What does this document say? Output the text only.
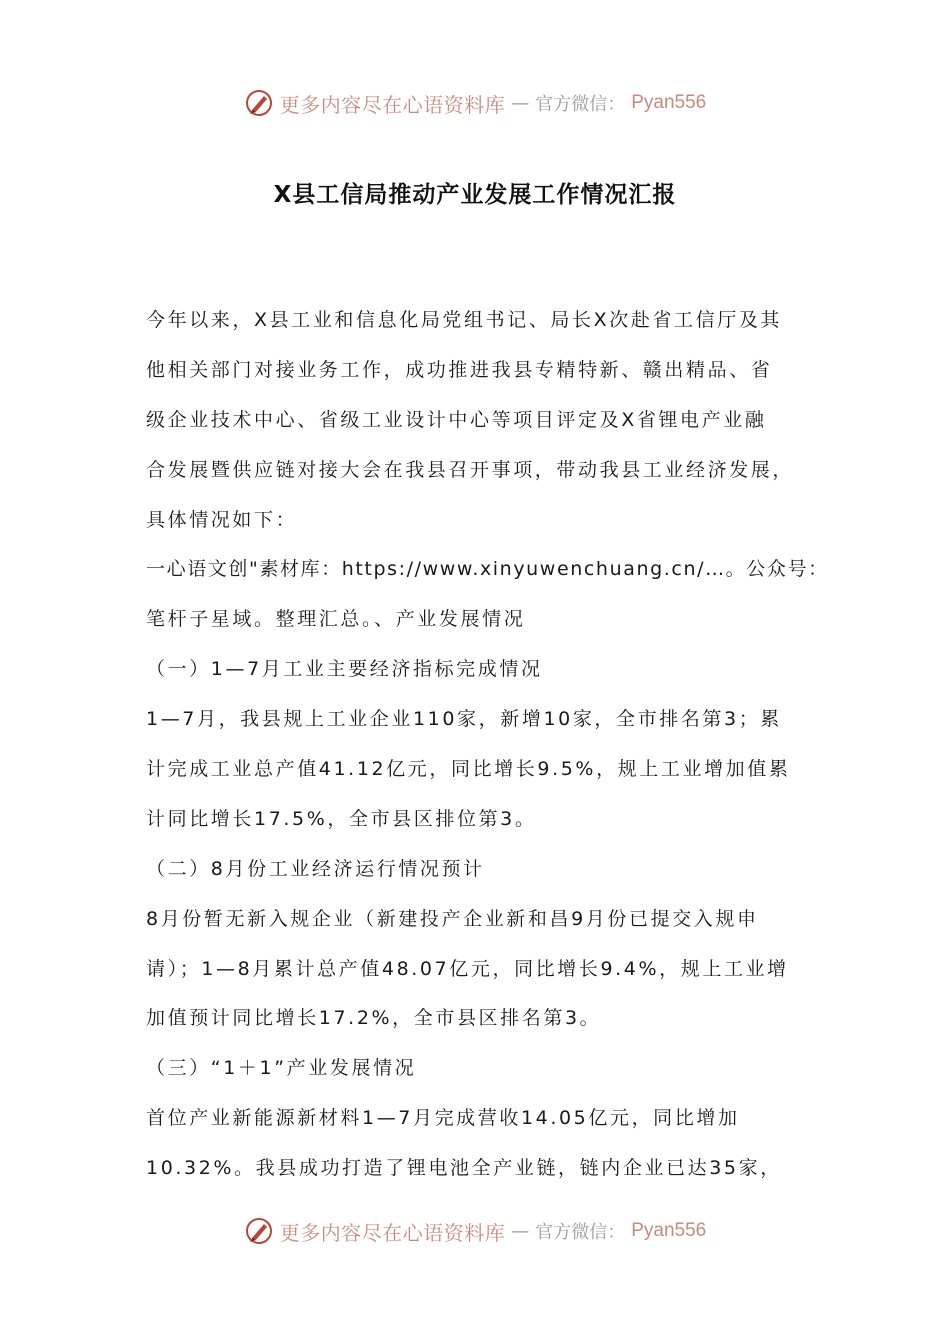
更多内容尽在心语资料库 — 官方微信： Pyan556
X县工信局推动产业发展工作情况汇报
今年以来，X县工业和信息化局党组书记、局长X次赴省工信厅及其
他相关部门对接业务工作，成功推进我县专精特新、赣出精品、省
级企业技术中心、省级工业设计中心等项目评定及X省锂电产业融
合发展暨供应链对接大会在我县召开事项，带动我县工业经济发展，
具体情况如下：
一心语文创"素材库：https://www.xinyuwenchuang.cn/…。公众号：
笔杆子星域。整理汇总。、产业发展情况
（一）1—7月工业主要经济指标完成情况
1—7月，我县规上工业企业110家，新增10家，全市排名第3；累
计完成工业总产值41.12亿元，同比增长9.5%，规上工业增加值累
计同比增长17.5%，全市县区排位第3。
（二）8月份工业经济运行情况预计
8月份暂无新入规企业（新建投产企业新和昌9月份已提交入规申
请）；1—8月累计总产值48.07亿元，同比增长9.4%，规上工业增
加值预计同比增长17.2%，全市县区排名第3。
（三）“1＋1”产业发展情况
首位产业新能源新材料1—7月完成营收14.05亿元，同比增加
10.32%。我县成功打造了锂电池全产业链，链内企业已达35家，
更多内容尽在心语资料库 — 官方微信： Pyan556
